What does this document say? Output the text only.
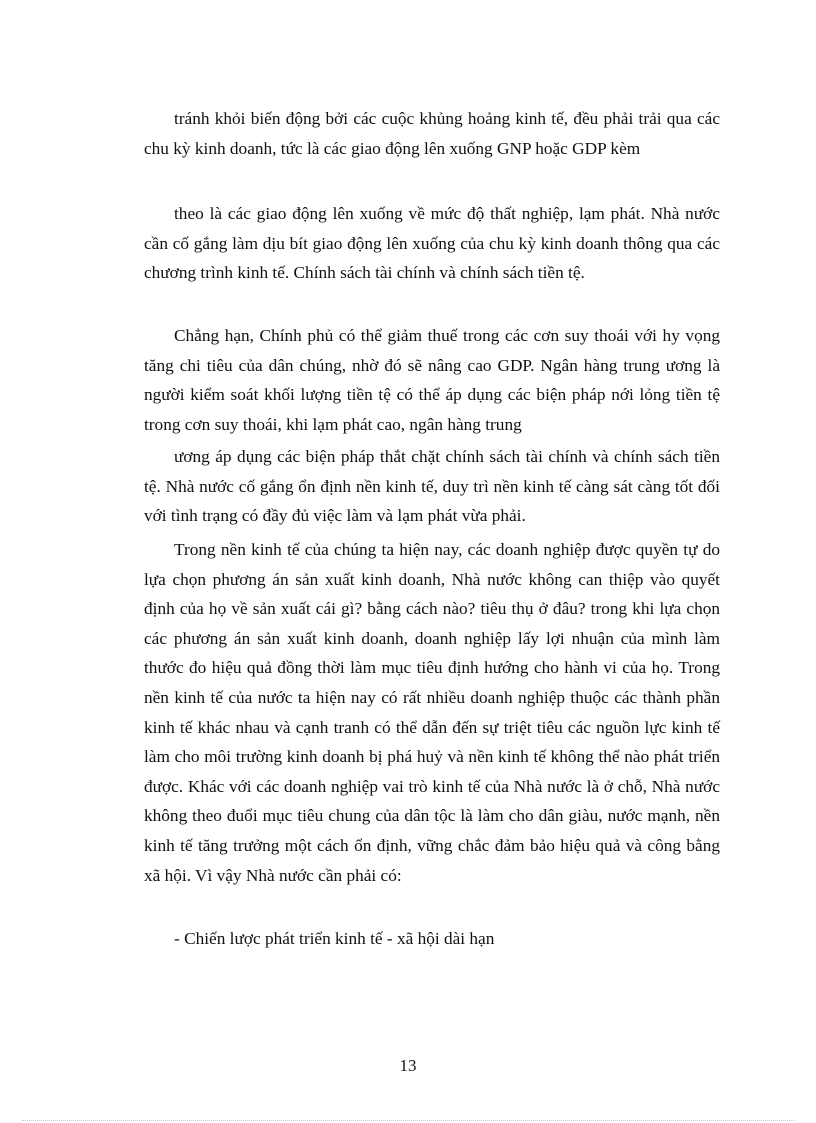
tránh khỏi biến động bởi các cuộc khủng hoảng kinh tế, đều phải trải qua các chu kỳ kinh doanh, tức là các giao động lên xuống GNP hoặc GDP kèm

theo là các giao động lên xuống về mức độ thất nghiệp, lạm phát. Nhà nước cần cố gắng làm dịu bít giao động lên xuống của chu kỳ kinh doanh thông qua các chương trình kinh tế. Chính sách tài chính và chính sách tiền tệ.

Chẳng hạn, Chính phủ có thể giảm thuế trong các cơn suy thoái với hy vọng tăng chi tiêu của dân chúng, nhờ đó sẽ nâng cao GDP. Ngân hàng trung ương là người kiểm soát khối lượng tiền tệ có thể áp dụng các biện pháp nới lỏng tiền tệ trong cơn suy thoái, khi lạm phát cao, ngân hàng trung

ương áp dụng các biện pháp thắt chặt chính sách tài chính và chính sách tiền tệ. Nhà nước cố gắng ổn định nền kinh tế, duy trì nền kinh tế càng sát càng tốt đối với tình trạng có đầy đủ việc làm và lạm phát vừa phải.

Trong nền kinh tế của chúng ta hiện nay, các doanh nghiệp được quyền tự do lựa chọn phương án sản xuất kinh doanh, Nhà nước không can thiệp vào quyết định của họ về sản xuất cái gì? bằng cách nào? tiêu thụ ở đâu? trong khi lựa chọn các phương án sản xuất kinh doanh, doanh nghiệp lấy lợi nhuận của mình làm thước đo hiệu quả đồng thời làm mục tiêu định hướng cho hành vi của họ. Trong nền kinh tế của nước ta hiện nay có rất nhiều doanh nghiệp thuộc các thành phần kinh tế khác nhau và cạnh tranh có thể dẫn đến sự triệt tiêu các nguồn lực kinh tế làm cho môi trường kinh doanh bị phá huỷ và nền kinh tế không thể nào phát triển được. Khác với các doanh nghiệp vai trò kinh tế của Nhà nước là ở chỗ, Nhà nước không theo đuổi mục tiêu chung của dân tộc là làm cho dân giàu, nước mạnh, nền kinh tế tăng trưởng một cách ổn định, vững chắc đảm bảo hiệu quả và công bằng xã hội. Vì vậy Nhà nước cần phải có:

- Chiến lược phát triển kinh tế - xã hội dài hạn

13
